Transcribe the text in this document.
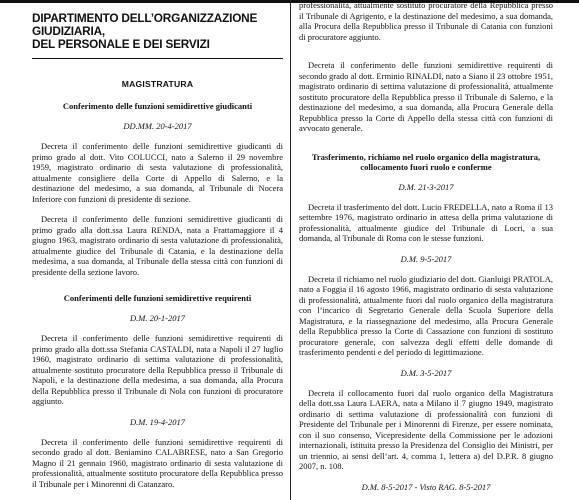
DIPARTIMENTO DELL’ORGANIZZAZIONE GIUDIZIARIA,
DEL PERSONALE E DEI SERVIZI
MAGISTRATURA
Conferimento delle funzioni semidirettive giudicanti
DD.MM. 20-4-2017

Decreta il conferimento delle funzioni semidirettive giudicanti di primo grado al dott. Vito COLUCCI, nato a Salerno il 29 novembre 1959, magistrato ordinario di sesta valutazione di professionalità, attualmente consigliere della Corte di Appello di Salerno, e la destinazione del medesimo, a sua domanda, al Tribunale di Nocera Inferiore con funzioni di presidente di sezione.

Decreta il conferimento delle funzioni semidirettive giudicanti di primo grado alla dott.ssa Laura RENDA, nata a Frattamaggiore il 4 giugno 1963, magistrato ordinario di sesta valutazione di professionalità, attualmente giudice del Tribunale di Catania, e la destinazione della medesima, a sua domanda, al Tribunale della stessa città con funzioni di presidente della sezione lavoro.

Conferimenti delle funzioni semidirettive requirenti
D.M. 20-1-2017

Decreta il conferimento delle funzioni semidirettive requirenti di primo grado alla dott.ssa Stefania CASTALDI, nata a Napoli il 27 luglio 1960, magistrato ordinario di settima valutazione di professionalità, attualmente sostituto procuratore della Repubblica presso il Tribunale di Napoli, e la destinazione della medesima, a sua domanda, alla Procura della Repubblica presso il Tribunale di Nola con funzioni di procuratore aggiunto.

D.M. 19-4-2017

Decreta il conferimento delle funzioni semidirettive requirenti di secondo grado al dott. Beniamino CALABRESE, nato a San Gregorio Magno il 21 gennaio 1960, magistrato ordinario di sesta valutazione di professionalità, attualmente sostituto procuratore della Repubblica presso il Tribunale per i Minorenni di Catanzaro.

professionalità, attualmente sostituto procuratore della Repubblica presso il Tribunale di Agrigento, e la destinazione del medesimo, a sua domanda, alla Procura della Repubblica presso il Tribunale di Catania con funzioni di procuratore aggiunto.

Decreta il conferimento delle funzioni semidirettive requirenti di secondo grado al dott. Erminio RINALDI, nato a Siano il 23 ottobre 1951, magistrato ordinario di settima valutazione di professionalità, attualmente sostituto procuratore della Repubblica presso il Tribunale di Salerno, e la destinazione del medesimo, a sua domanda, alla Procura Generale della Repubblica presso la Corte di Appello della stessa città con funzioni di avvocato generale.

Trasferimento, richiamo nel ruolo organico della magistratura, collocamento fuori ruolo e conferme
D.M. 21-3-2017

Decreta il trasferimento del dott. Lucio FREDELLA, nato a Roma il 13 settembre 1976, magistrato ordinario in attesa della prima valutazione di professionalità, attualmente giudice del Tribunale di Locri, a sua domanda, al Tribunale di Roma con le stesse funzioni.

D.M. 9-5-2017

Decreta il richiamo nel ruolo giudiziario del dott. Gianluigi PRATOLA, nato a Foggia il 16 agosto 1966, magistrato ordinario di sesta valutazione di professionalità, attualmente fuori dal ruolo organico della magistratura con l’incarico di Segretario Generale della Scuola Superiore della Magistratura, e la riassegnazione del medesimo, alla Procura Generale della Repubblica presso la Corte di Cassazione con funzioni di sostituto procuratore generale, con salvezza degli effetti delle domande di trasferimento pendenti e del periodo di legittimazione.

D.M. 3-5-2017

Decreta il collocamento fuori dal ruolo organico della Magistratura della dott.ssa Laura LAERA, nata a Milano il 7 giugno 1949, magistrato ordinario di settima valutazione di professionalità con funzioni di Presidente del Tribunale per i Minorenni di Firenze, per essere nominata, con il suo consenso, Vicepresidente della Commissione per le adozioni internazionali, istituita presso la Presidenza del Consiglio dei Ministri, per un triennio, ai sensi dell’art. 4, comma 1, lettera a) del D.P.R. 8 giugno 2007, n. 108.

D.M. 8-5-2017 - Visto RAG. 8-5-2017
